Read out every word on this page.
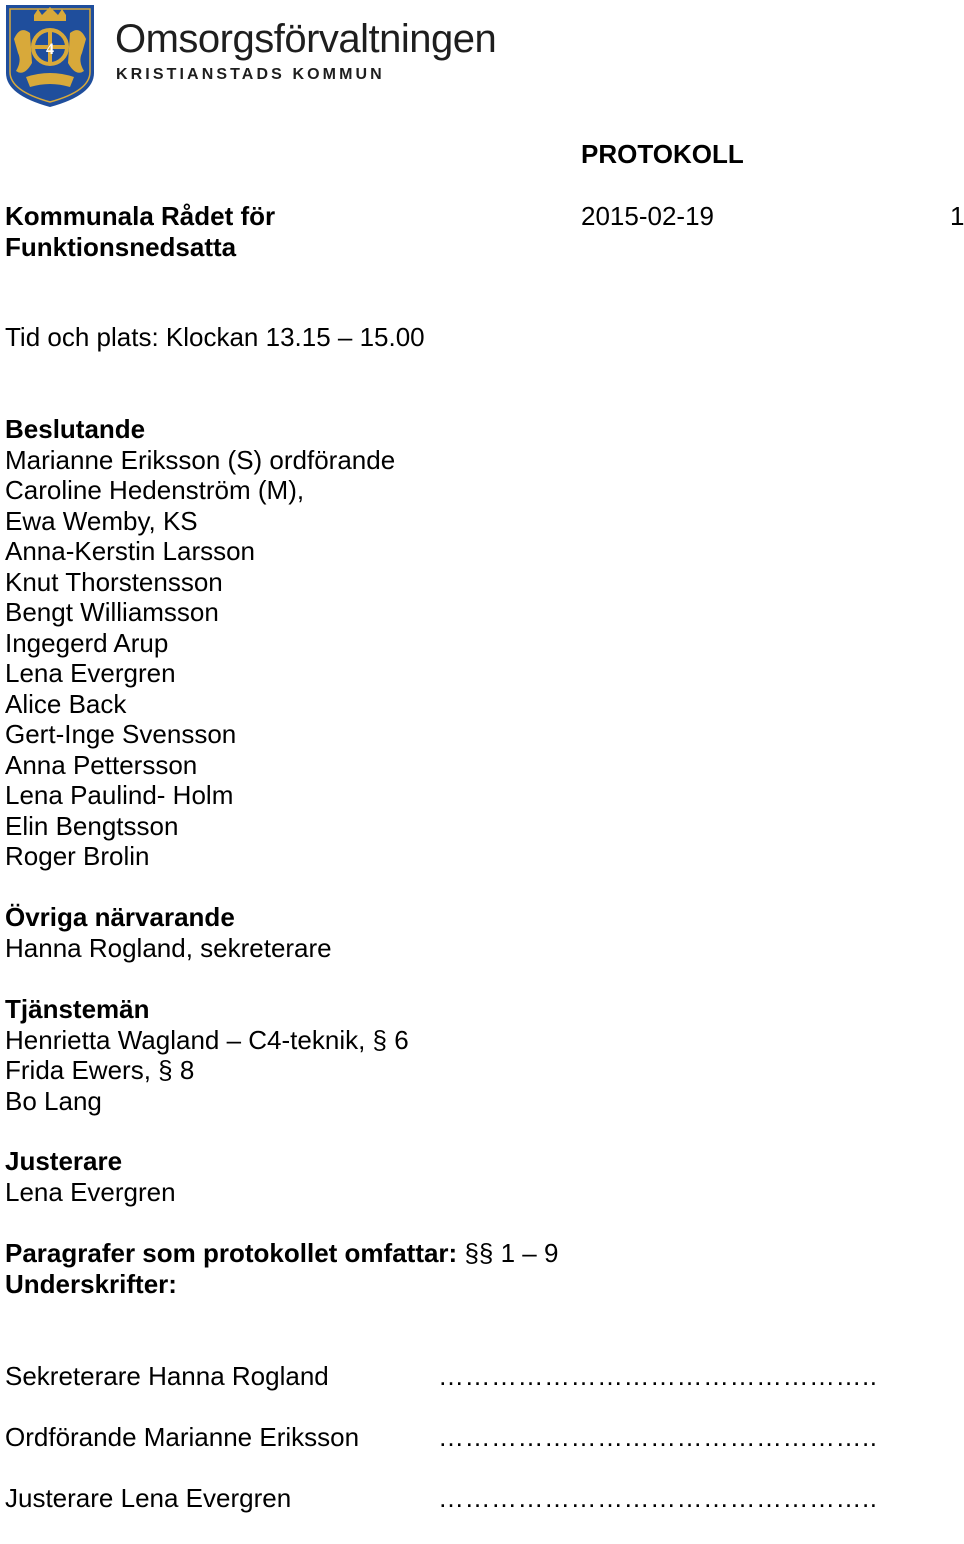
4 Omsorgsförvaltningen
KRISTIANSTADS KOMMUN
PROTOKOLL
Kommunala Rådet för
Funktionsnedsatta
2015-02-19	1
Tid och plats: Klockan 13.15 – 15.00
Beslutande
Marianne Eriksson (S) ordförande
Caroline Hedenström (M),
Ewa Wemby, KS
Anna-Kerstin Larsson
Knut Thorstensson
Bengt Williamsson
Ingegerd Arup
Lena Evergren
Alice Back
Gert-Inge Svensson
Anna Pettersson
Lena Paulind- Holm
Elin Bengtsson
Roger Brolin
Övriga närvarande
Hanna Rogland, sekreterare
Tjänstemän
Henrietta Wagland – C4-teknik, § 6
Frida Ewers, § 8
Bo Lang
Justerare
Lena Evergren
Paragrafer som protokollet omfattar: §§ 1 – 9
Underskrifter:
Sekreterare Hanna Rogland	…………………………………………..
Ordförande Marianne Eriksson	…………………………………………..
Justerare Lena Evergren	…………………………………………..
